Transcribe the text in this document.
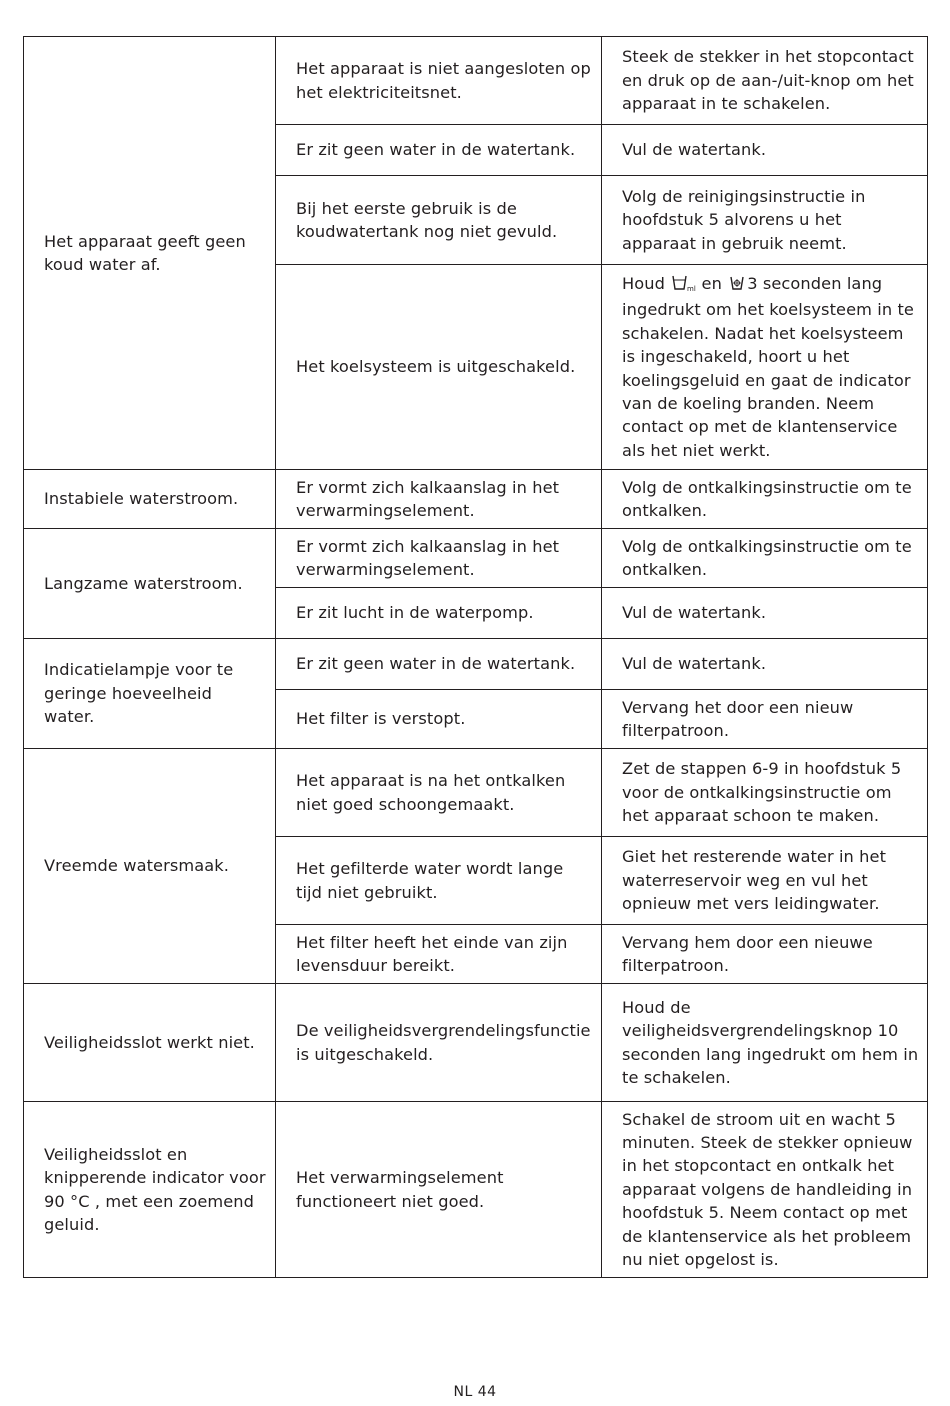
Het apparaat geeft geen koud water af.	Het apparaat is niet aangesloten op het elektriciteitsnet.	Steek de stekker in het stopcontact en druk op de aan-/uit-knop om het apparaat in te schakelen.
	Er zit geen water in de watertank.	Vul de watertank.
	Bij het eerste gebruik is de koudwatertank nog niet gevuld.	Volg de reinigingsinstructie in hoofdstuk 5 alvorens u het apparaat in gebruik neemt.
	Het koelsysteem is uitgeschakeld.	Houd ml en 3 seconden lang ingedrukt om het koelsysteem in te schakelen. Nadat het koelsysteem is ingeschakeld, hoort u het koelingsgeluid en gaat de indicator van de koeling branden. Neem contact op met de klantenservice als het niet werkt.
Instabiele waterstroom.	Er vormt zich kalkaanslag in het verwarmingselement.	Volg de ontkalkingsinstructie om te ontkalken.
Langzame waterstroom.	Er vormt zich kalkaanslag in het verwarmingselement.	Volg de ontkalkingsinstructie om te ontkalken.
	Er zit lucht in de waterpomp.	Vul de watertank.
Indicatielampje voor te geringe hoeveelheid water.	Er zit geen water in de watertank.	Vul de watertank.
	Het filter is verstopt.	Vervang het door een nieuw filterpatroon.
Vreemde watersmaak.	Het apparaat is na het ontkalken niet goed schoongemaakt.	Zet de stappen 6-9 in hoofdstuk 5 voor de ontkalkingsinstructie om het apparaat schoon te maken.
	Het gefilterde water wordt lange tijd niet gebruikt.	Giet het resterende water in het waterreservoir weg en vul het opnieuw met vers leidingwater.
	Het filter heeft het einde van zijn levensduur bereikt.	Vervang hem door een nieuwe filterpatroon.
Veiligheidsslot werkt niet.	De veiligheidsvergrendelingsfunctie is uitgeschakeld.	Houd de veiligheidsvergrendelingsknop 10 seconden lang ingedrukt om hem in te schakelen.
Veiligheidsslot en knipperende indicator voor 90 °C , met een zoemend geluid.	Het verwarmingselement functioneert niet goed.	Schakel de stroom uit en wacht 5 minuten. Steek de stekker opnieuw in het stopcontact en ontkalk het apparaat volgens de handleiding in hoofdstuk 5. Neem contact op met de klantenservice als het probleem nu niet opgelost is.
NL 44
